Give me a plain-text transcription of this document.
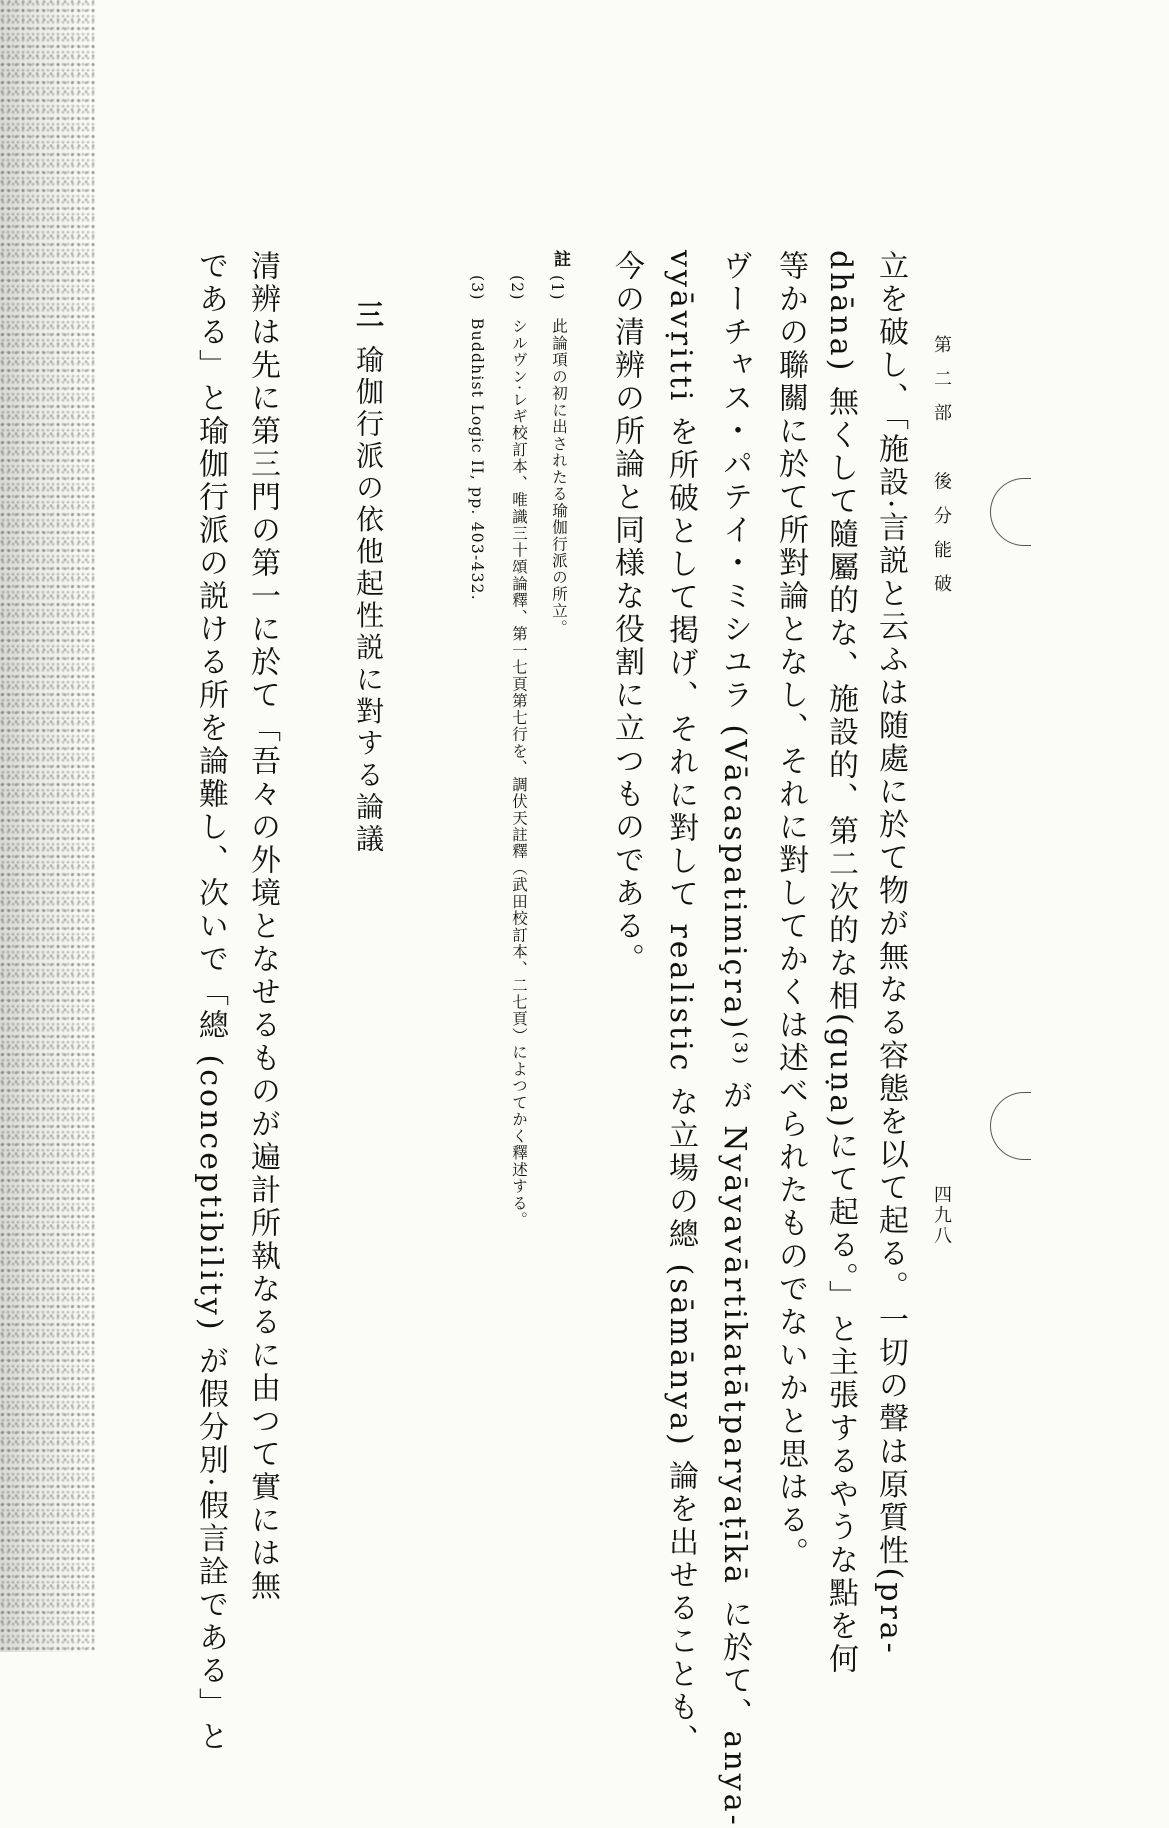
第二部　後分能破
四九八
立を破し、「施設·言説と云ふは随處に於て物が無なる容態を以て起る。一切の聲は原質性(pra-
dhāna) 無くして隨屬的な、施設的、第二次的な相(guṇa)にて起る。」と主張するやうな點を何
等かの聯關に於て所對論となし、それに對してかくは述べられたものでないかと思はる。
ヴーチャス・パテイ・ミシユラ (Vācaspatimiçra)⁽³⁾ が Nyāyavārtikatātparyaṭīkā に於て、anya-
vyāvṛitti を所破として掲げ、それに對して realistic な立場の總 (sāmānya) 論を出せることも、
今の清辨の所論と同様な役割に立つものである。
註
(1)
此論項の初に出されたる瑜伽行派の所立。
(2)
シルヴン·レギ校訂本、唯識三十頌論釋、第一七頁第七行を、調伏天註釋（武田校訂本、二七頁）によつてかく釋述する。
(3)
Buddhist Logic II, pp. 403-432.
三
瑜伽行派の依他起性説に對する論議
清辨は先に第三門の第一に於て「吾々の外境となせるものが遍計所執なるに由つて實には無
である」と瑜伽行派の説ける所を論難し、次いで「總 (conceptibility) が假分別·假言詮である」と
